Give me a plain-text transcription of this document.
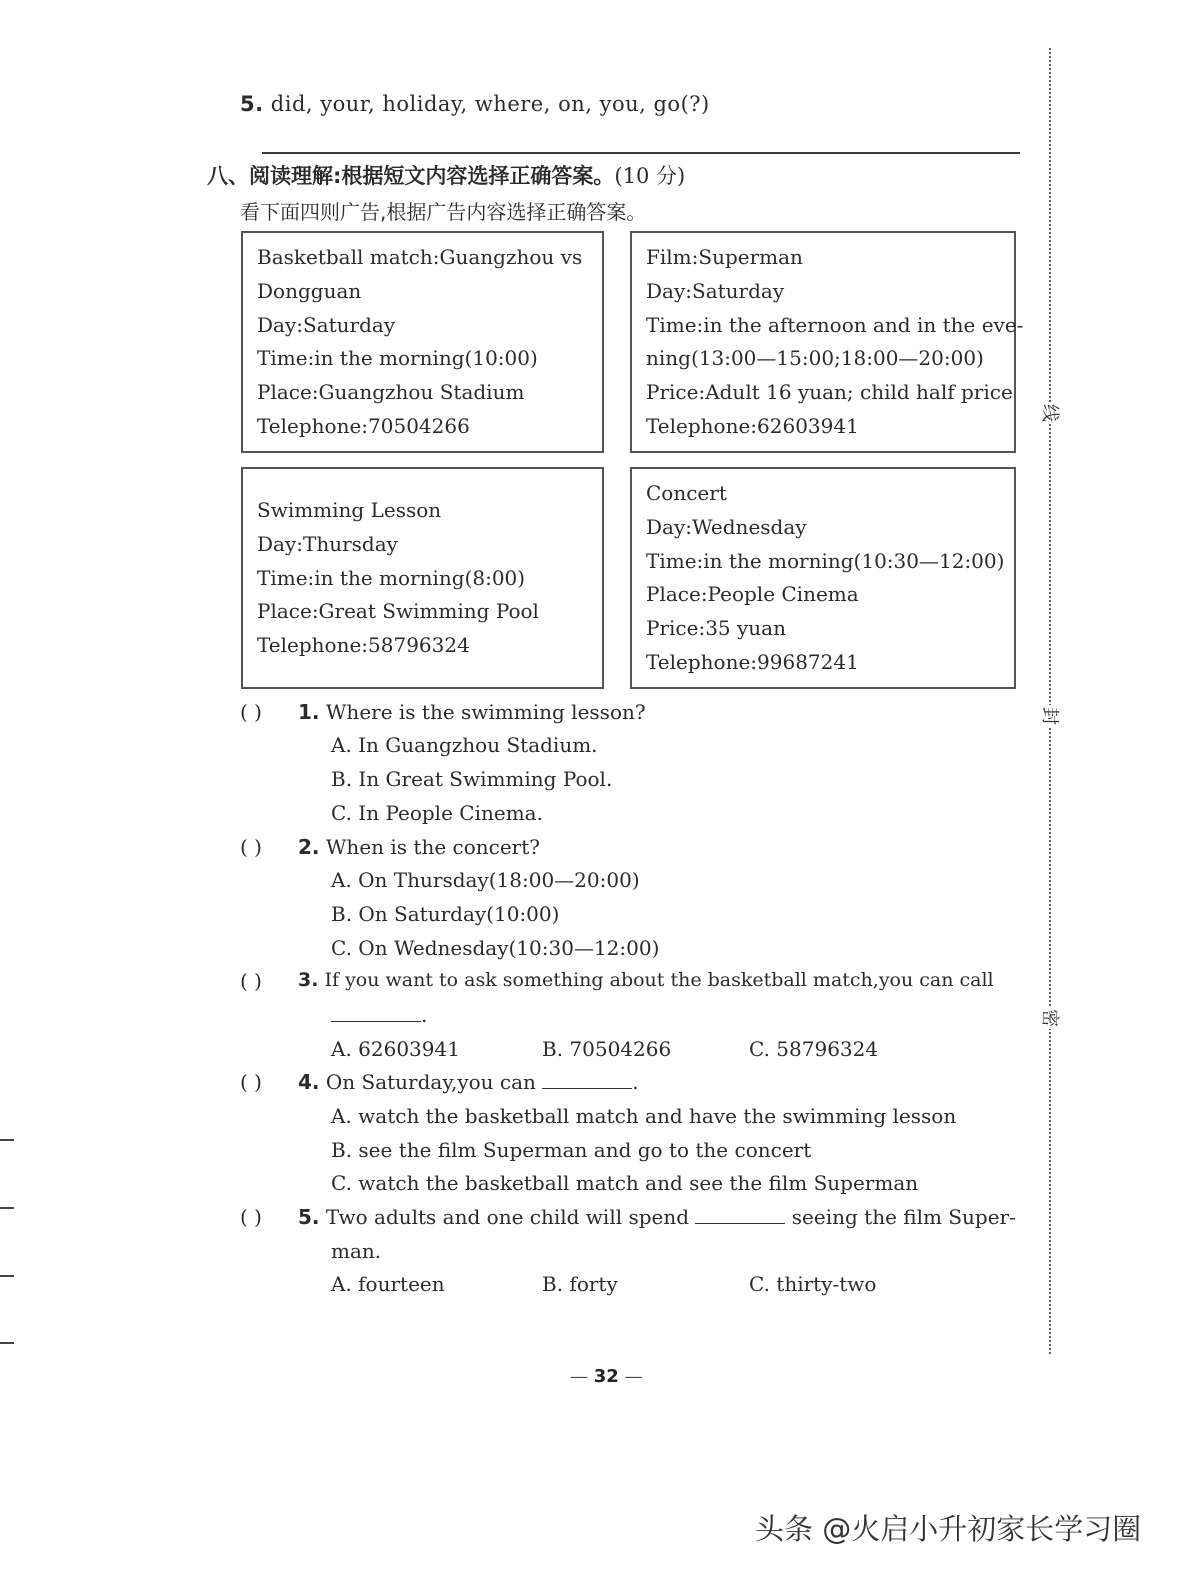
5. did, your, holiday, where, on, you, go(?)
八、阅读理解:根据短文内容选择正确答案。(10 分)
看下面四则广告,根据广告内容选择正确答案。
Basketball match:Guangzhou vs
Dongguan
Day:Saturday
Time:in the morning(10:00)
Place:Guangzhou Stadium
Telephone:70504266
Film:Superman
Day:Saturday
Time:in the afternoon and in the eve-
ning(13:00—15:00;18:00—20:00)
Price:Adult 16 yuan; child half price
Telephone:62603941
Swimming Lesson
Day:Thursday
Time:in the morning(8:00)
Place:Great Swimming Pool
Telephone:58796324
Concert
Day:Wednesday
Time:in the morning(10:30—12:00)
Place:People Cinema
Price:35 yuan
Telephone:99687241
( ) 1. Where is the swimming lesson?
A. In Guangzhou Stadium.
B. In Great Swimming Pool.
C. In People Cinema.
( ) 2. When is the concert?
A. On Thursday(18:00—20:00)
B. On Saturday(10:00)
C. On Wednesday(10:30—12:00)
( ) 3. If you want to ask something about the basketball match,you can call
.
A. 62603941	B. 70504266	C. 58796324
( ) 4. On Saturday,you can	.
A. watch the basketball match and have the swimming lesson
B. see the film Superman and go to the concert
C. watch the basketball match and see the film Superman
( ) 5. Two adults and one child will spend	seeing the film Super-
man.
A. fourteen	B. forty	C. thirty-two
线
封
密
— 32 —
头条 @火启小升初家长学习圈
